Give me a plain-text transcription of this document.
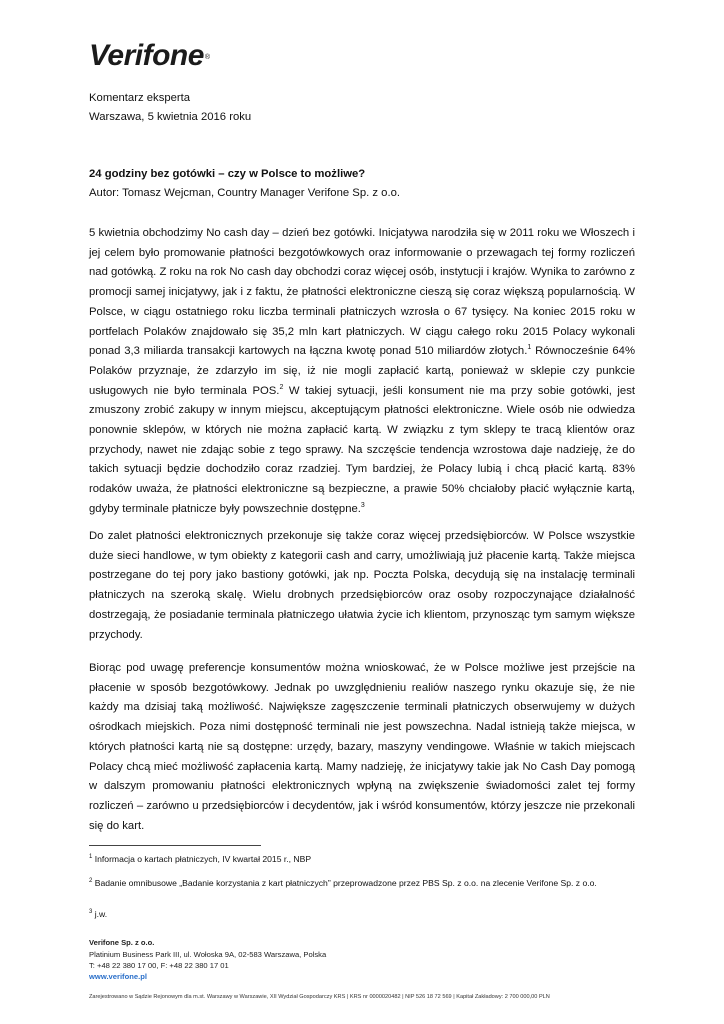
Verifone®
Komentarz eksperta
Warszawa, 5 kwietnia 2016 roku
24 godziny bez gotówki – czy w Polsce to możliwe?
Autor: Tomasz Wejcman, Country Manager Verifone Sp. z o.o.

5 kwietnia obchodzimy No cash day – dzień bez gotówki. Inicjatywa narodziła się w 2011 roku we Włoszech i jej celem było promowanie płatności bezgotówkowych oraz informowanie o przewagach tej formy rozliczeń nad gotówką. Z roku na rok No cash day obchodzi coraz więcej osób, instytucji i krajów. Wynika to zarówno z promocji samej inicjatywy, jak i z faktu, że płatności elektroniczne cieszą się coraz większą popularnością. W Polsce, w ciągu ostatniego roku liczba terminali płatniczych wzrosła o 67 tysięcy. Na koniec 2015 roku w portfelach Polaków znajdowało się 35,2 mln kart płatniczych. W ciągu całego roku 2015 Polacy wykonali ponad 3,3 miliarda transakcji kartowych na łączna kwotę ponad 510 miliardów złotych.$^1$ Równocześnie 64% Polaków przyznaje, że zdarzyło im się, iż nie mogli zapłacić kartą, ponieważ w sklepie czy punkcie usługowych nie było terminala POS.$^2$ W takiej sytuacji, jeśli konsument nie ma przy sobie gotówki, jest zmuszony zrobić zakupy w innym miejscu, akceptującym płatności elektroniczne. Wiele osób nie odwiedza ponownie sklepów, w których nie można zapłacić kartą. W związku z tym sklepy te tracą klientów oraz przychody, nawet nie zdając sobie z tego sprawy. Na szczęście tendencja wzrostowa daje nadzieję, że do takich sytuacji będzie dochodziło coraz rzadziej. Tym bardziej, że Polacy lubią i chcą płacić kartą. 83% rodaków uważa, że płatności elektroniczne są bezpieczne, a prawie 50% chciałoby płacić wyłącznie kartą, gdyby terminale płatnicze były powszechnie dostępne.$^3$

Do zalet płatności elektronicznych przekonuje się także coraz więcej przedsiębiorców. W Polsce wszystkie duże sieci handlowe, w tym obiekty z kategorii cash and carry, umożliwiają już płacenie kartą. Także miejsca postrzegane do tej pory jako bastiony gotówki, jak np. Poczta Polska, decydują się na instalację terminali płatniczych na szeroką skalę. Wielu drobnych przedsiębiorców oraz osoby rozpoczynające działalność dostrzegają, że posiadanie terminala płatniczego ułatwia życie ich klientom, przynosząc tym samym większe przychody.

Biorąc pod uwagę preferencje konsumentów można wnioskować, że w Polsce możliwe jest przejście na płacenie w sposób bezgotówkowy. Jednak po uwzględnieniu realiów naszego rynku okazuje się, że nie każdy ma dzisiaj taką możliwość. Największe zagęszczenie terminali płatniczych obserwujemy w dużych ośrodkach miejskich. Poza nimi dostępność terminali nie jest powszechna. Nadal istnieją także miejsca, w których płatności kartą nie są dostępne: urzędy, bazary, maszyny vendingowe. Właśnie w takich miejscach Polacy chcą mieć możliwość zapłacenia kartą. Mamy nadzieję, że inicjatywy takie jak No Cash Day pomogą w dalszym promowaniu płatności elektronicznych wpłyną na zwiększenie świadomości zalet tej formy rozliczeń – zarówno u przedsiębiorców i decydentów, jak i wśród konsumentów, którzy jeszcze nie przekonali się do kart.

$^1$ Informacja o kartach płatniczych, IV kwartał 2015 r., NBP
$^2$ Badanie omnibusowe „Badanie korzystania z kart płatniczych” przeprowadzone przez PBS Sp. z o.o. na zlecenie Verifone Sp. z o.o.
$^3$ j.w.
Verifone Sp. z o.o.
Platinium Business Park III, ul. Wołoska 9A, 02-583 Warszawa, Polska
T: +48 22 380 17 00, F: +48 22 380 17 01
www.verifone.pl
Zarejestrowano w Sądzie Rejonowym dla m.st. Warszawy w Warszawie, XII Wydział Gospodarczy KRS | KRS nr 0000020482 | NIP 526 18 72 569 | Kapitał Zakładowy: 2 700 000,00 PLN
